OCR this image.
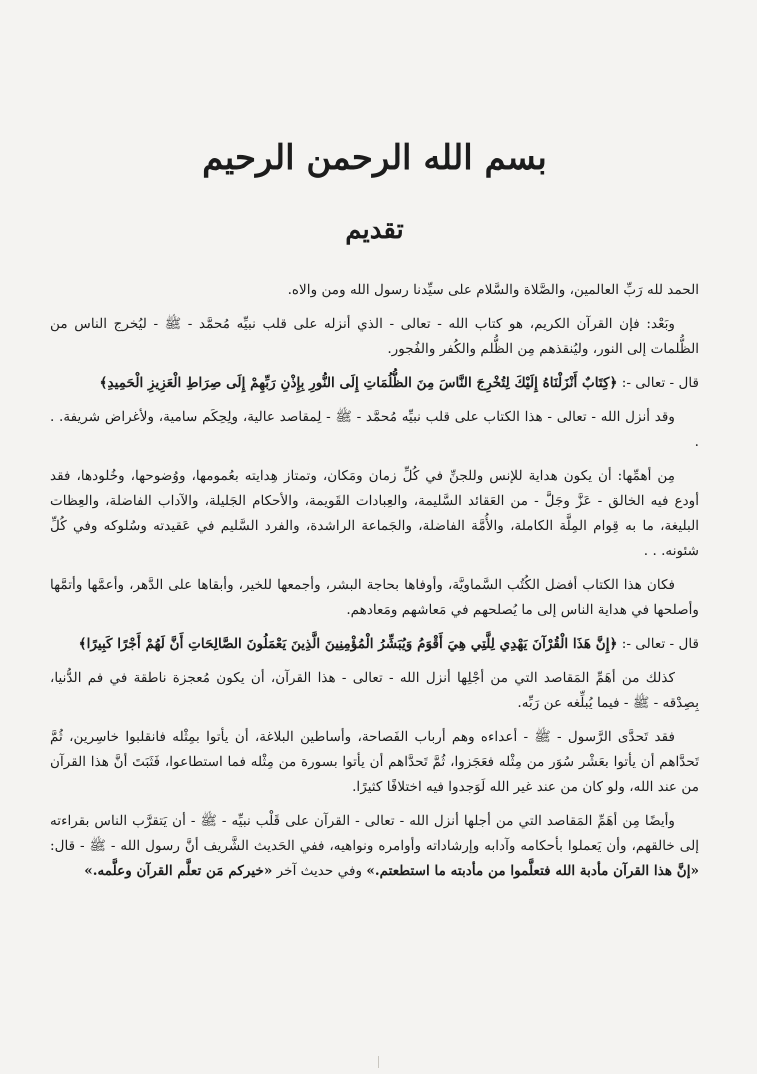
بسم الله الرحمن الرحيم
تقديم

الحمد لله رَبِّ العالمين، والصَّلاة والسَّلام على سيِّدنا رسول الله ومن والاه.

وبَعْد: فإن القرآن الكريم، هو كتاب الله - تعالى - الذي أنزله على قلب نبيِّه مُحمَّد - ﷺ - ليُخرج الناس من الظُّلمات إلى النور، وليُنقذهم مِن الظُّلم والكُفر والفُجور.

قال - تعالى -: ﴿كِتَابٌ أَنْزَلْنَاهُ إِلَيْكَ لِتُخْرِجَ النَّاسَ مِنَ الظُّلُمَاتِ إِلَى النُّورِ بِإِذْنِ رَبِّهِمْ إِلَى صِرَاطِ الْعَزِيزِ الْحَمِيدِ﴾

وقد أنزل الله - تعالى - هذا الكتاب على قلب نبيِّه مُحمَّد - ﷺ - لِمقاصد عالية، ولِحِكَم سامية، ولأغراض شريفة. . .

مِن أهمِّها: أن يكون هداية للإنس وللجنِّ في كُلِّ زمان ومَكان، وتمتاز هِدايته بعُمومها، ووُضوحها، وخُلودها، فقد أودع فيه الخالق - عَزَّ وجَلَّ - من العَقائد السَّليمة، والعِبادات القَويمة، والأحكام الجَليلة، والآداب الفاضلة، والعِظات البليغة، ما به قِوام المِلَّة الكاملة، والأُمَّة الفاضلة، والجَماعة الراشدة، والفرد السَّليم في عَقيدته وسُلوكه وفي كُلِّ شئونه. . .

فكان هذا الكتاب أفضل الكُتُب السَّماويَّة، وأوفاها بحاجة البشر، وأجمعها للخير، وأبقاها على الدَّهر، وأعمَّها وأتمَّها وأصلحها في هداية الناس إلى ما يُصلحهم في مَعاشهم ومَعادهم.

قال - تعالى -: ﴿إِنَّ هَذَا الْقُرْآنَ يَهْدِي لِلَّتِي هِيَ أَقْوَمُ وَيُبَشِّرُ الْمُؤْمِنِينَ الَّذِينَ يَعْمَلُونَ الصَّالِحَاتِ أَنَّ لَهُمْ أَجْرًا كَبِيرًا﴾

كذلك من أهَمِّ المَقاصد التي من أجْلِها أنزل الله - تعالى - هذا القرآن، أن يكون مُعجزة ناطقة في فم الدُّنيا، بِصِدْقه - ﷺ - فيما يُبلِّغه عن رَبِّه.

فقد تَحدَّى الرَّسول - ﷺ - أعداءه وهم أرباب الفَصاحة، وأساطين البلاغة، أن يأتوا بمِثْله فانقلبوا خاسِرين، ثُمَّ تَحدَّاهم أن يأتوا بعَشْر سُوَر من مِثْله فعَجَزوا، ثُمَّ تَحدَّاهم أن يأتوا بسورة من مِثْله فما استطاعوا، فَثَبَتَ أنَّ هذا القرآن من عند الله، ولو كان من عند غير الله لَوَجدوا فيه اختلافًا كثيرًا.

وأيضًا مِن أهَمِّ المَقاصد التي من أجلها أنزل الله - تعالى - القرآن على قَلْب نبيِّه - ﷺ - أن يَتقرَّب الناس بقراءته إلى خالقهم، وأن يَعملوا بأحكامه وآدابه وإرشاداته وأوامره ونواهيه، ففي الحَديث الشَّريف أنَّ رسول الله - ﷺ - قال: «إنَّ هذا القرآن مأدبة الله فتعلَّموا من مأدبته ما استطعتم.» وفي حديث آخر «خيركم مَن تعلَّم القرآن وعلَّمه.»
